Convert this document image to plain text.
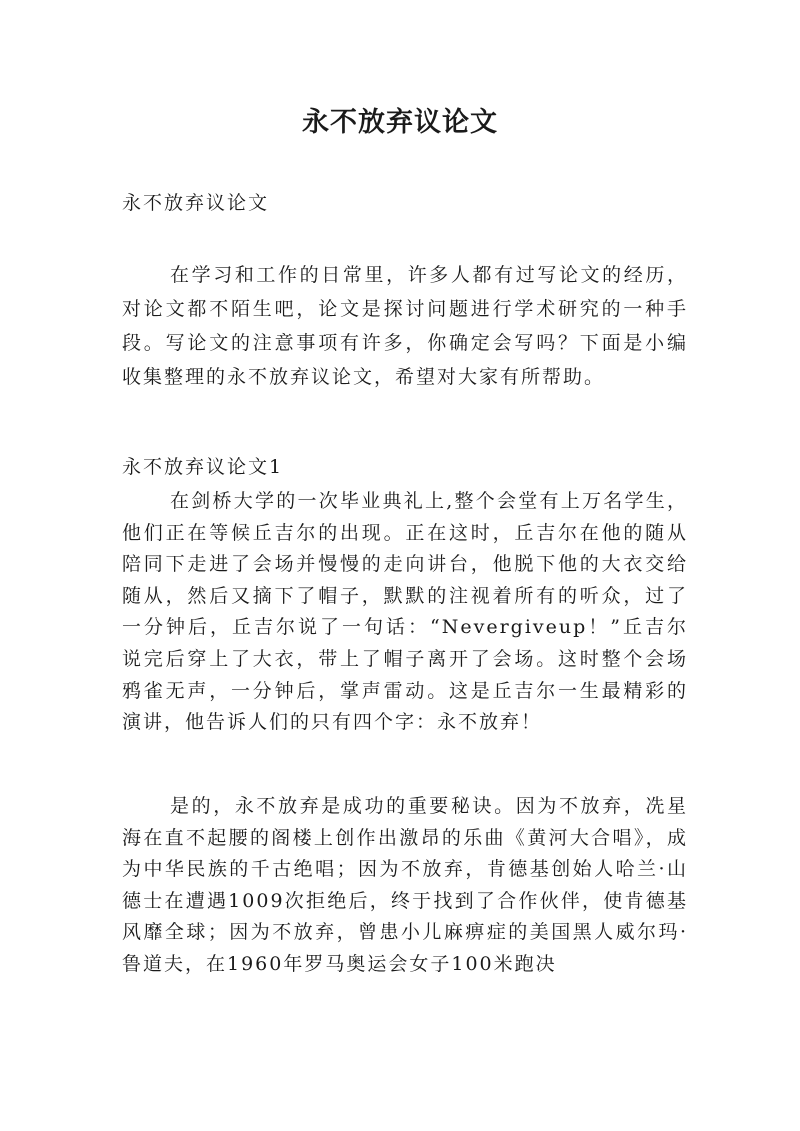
永不放弃议论文
永不放弃议论文

在学习和工作的日常里，许多人都有过写论文的经历，对论文都不陌生吧，论文是探讨问题进行学术研究的一种手段。写论文的注意事项有许多，你确定会写吗？下面是小编收集整理的永不放弃议论文，希望对大家有所帮助。

永不放弃议论文1

在剑桥大学的一次毕业典礼上,整个会堂有上万名学生，他们正在等候丘吉尔的出现。正在这时，丘吉尔在他的随从陪同下走进了会场并慢慢的走向讲台，他脱下他的大衣交给随从，然后又摘下了帽子，默默的注视着所有的听众，过了一分钟后，丘吉尔说了一句话：“Nevergiveup！”丘吉尔说完后穿上了大衣，带上了帽子离开了会场。这时整个会场鸦雀无声，一分钟后，掌声雷动。这是丘吉尔一生最精彩的演讲，他告诉人们的只有四个字：永不放弃！

是的，永不放弃是成功的重要秘诀。因为不放弃，冼星海在直不起腰的阁楼上创作出激昂的乐曲《黄河大合唱》，成为中华民族的千古绝唱；因为不放弃，肯德基创始人哈兰·山德士在遭遇1009次拒绝后，终于找到了合作伙伴，使肯德基风靡全球；因为不放弃，曾患小儿麻痹症的美国黑人威尔玛·鲁道夫，在1960年罗马奥运会女子100米跑决
